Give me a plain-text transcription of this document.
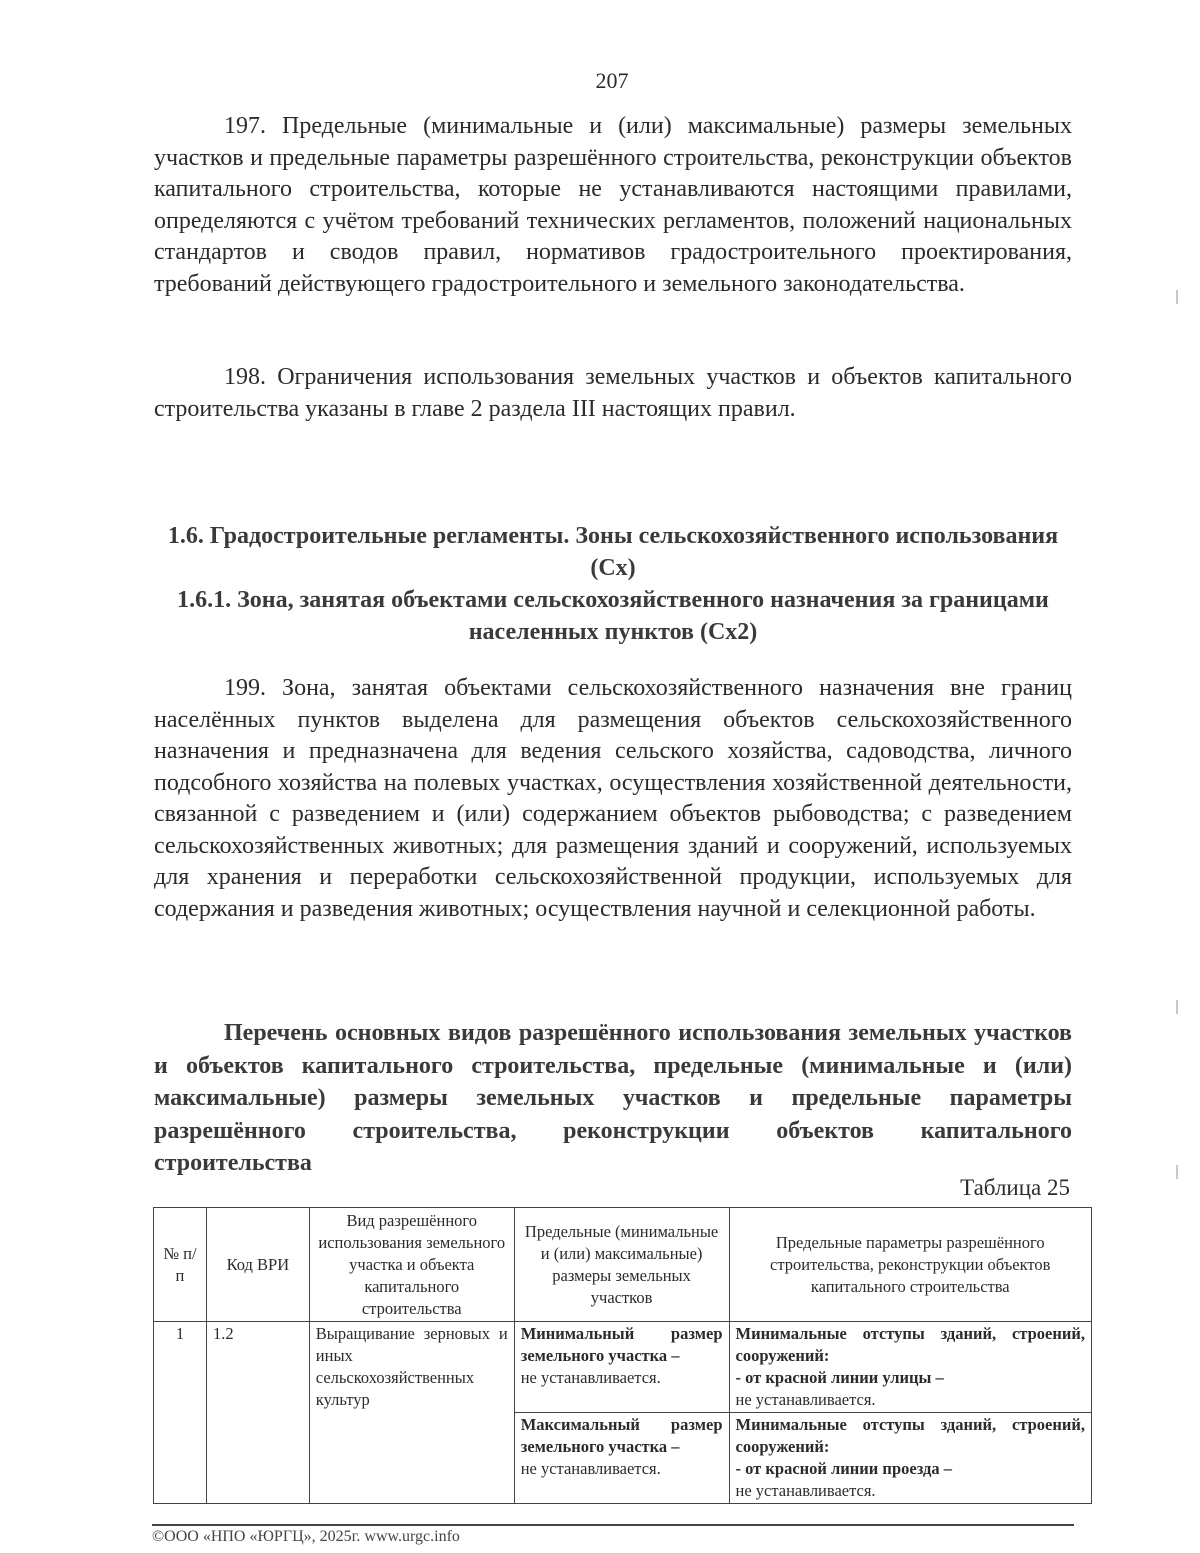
207

197. Предельные (минимальные и (или) максимальные) размеры земельных участков и предельные параметры разрешённого строительства, реконструкции объектов капитального строительства, которые не устанавливаются настоящими правилами, определяются с учётом требований технических регламентов, положений национальных стандартов и сводов правил, нормативов градостроительного проектирования, требований действующего градостроительного и земельного законодательства.

198. Ограничения использования земельных участков и объектов капитального строительства указаны в главе 2 раздела III настоящих правил.

1.6. Градостроительные регламенты. Зоны сельскохозяйственного использования (Сх)
1.6.1. Зона, занятая объектами сельскохозяйственного назначения за границами населенных пунктов (Сх2)

199. Зона, занятая объектами сельскохозяйственного назначения вне границ населённых пунктов выделена для размещения объектов сельскохозяйственного назначения и предназначена для ведения сельского хозяйства, садоводства, личного подсобного хозяйства на полевых участках, осуществления хозяйственной деятельности, связанной с разведением и (или) содержанием объектов рыбоводства; с разведением сельскохозяйственных животных; для размещения зданий и сооружений, используемых для хранения и переработки сельскохозяйственной продукции, используемых для содержания и разведения животных; осуществления научной и селекционной работы.

Перечень основных видов разрешённого использования земельных участков и объектов капитального строительства, предельные (минимальные и (или) максимальные) размеры земельных участков и предельные параметры разрешённого строительства, реконструкции объектов капитального строительства

Таблица 25
№ п/п	Код ВРИ	Вид разрешённого использования земельного участка и объекта капитального строительства	Предельные (минимальные и (или) максимальные) размеры земельных участков	Предельные параметры разрешённого строительства, реконструкции объектов капитального строительства
1	1.2	Выращивание зерновых и иных сельскохозяйственных культур	Минимальный размер земельного участка –
не устанавливается.	Минимальные отступы зданий, строений, сооружений:
- от красной линии улицы –
не устанавливается.
			Максимальный размер земельного участка –
не устанавливается.	Минимальные отступы зданий, строений, сооружений:
- от красной линии проезда –
не устанавливается.
©ООО «НПО «ЮРГЦ», 2025г. www.urgc.info
